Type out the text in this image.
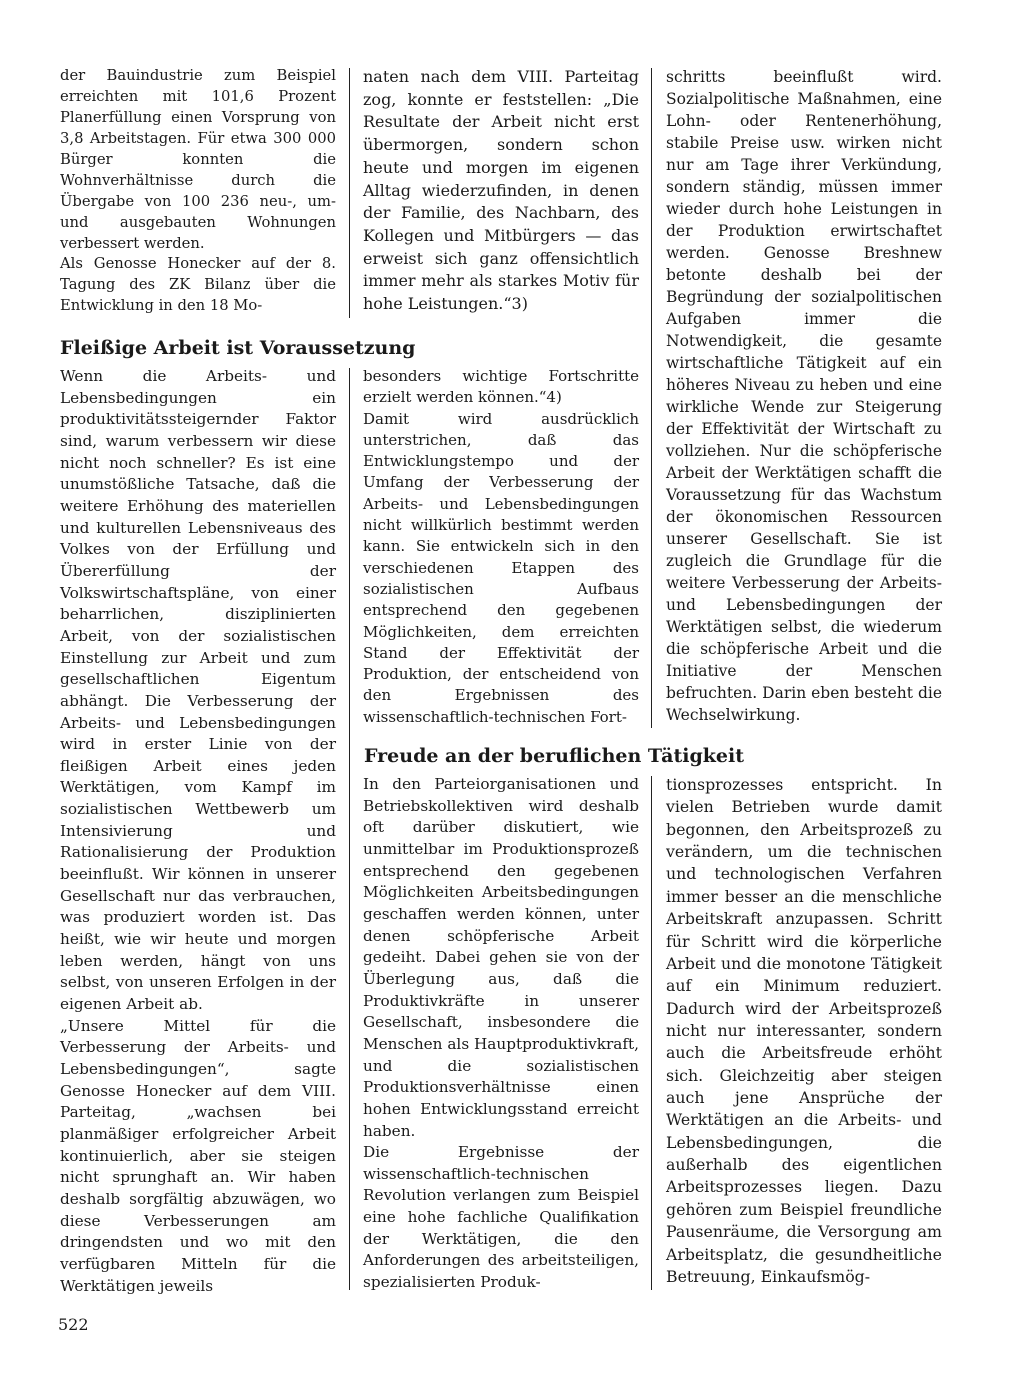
der Bauindustrie zum Beispiel erreichten mit 101,6 Prozent Planerfüllung einen Vorsprung von 3,8 Arbeitstagen. Für etwa 300 000 Bürger konnten die Wohnverhältnisse durch die Übergabe von 100 236 neu-, um- und ausgebauten Wohnungen verbessert werden.

Als Genosse Honecker auf der 8. Tagung des ZK Bilanz über die Entwicklung in den 18 Mo-

naten nach dem VIII. Parteitag zog, konnte er feststellen: „Die Resultate der Arbeit nicht erst übermorgen, sondern schon heute und morgen im eigenen Alltag wiederzufinden, in denen der Familie, des Nachbarn, des Kollegen und Mitbürgers — das erweist sich ganz offensichtlich immer mehr als starkes Motiv für hohe Leistungen.“3)

schritts beeinflußt wird. Sozialpolitische Maßnahmen, eine Lohn- oder Rentenerhöhung, stabile Preise usw. wirken nicht nur am Tage ihrer Verkündung, sondern ständig, müssen immer wieder durch hohe Leistungen in der Produktion erwirtschaftet werden. Genosse Breshnew betonte deshalb bei der Begründung der sozialpolitischen Aufgaben immer die Notwendigkeit, die gesamte wirtschaftliche Tätigkeit auf ein höheres Niveau zu heben und eine wirkliche Wende zur Steigerung der Effektivität der Wirtschaft zu vollziehen. Nur die schöpferische Arbeit der Werktätigen schafft die Voraussetzung für das Wachstum der ökonomischen Ressourcen unserer Gesellschaft. Sie ist zugleich die Grundlage für die weitere Verbesserung der Arbeits- und Lebensbedingungen der Werktätigen selbst, die wiederum die schöpferische Arbeit und die Initiative der Menschen befruchten. Darin eben besteht die Wechselwirkung.

Fleißige Arbeit ist Voraussetzung

Wenn die Arbeits- und Lebensbedingungen ein produktivitätssteigernder Faktor sind, warum verbessern wir diese nicht noch schneller? Es ist eine unumstößliche Tatsache, daß die weitere Erhöhung des materiellen und kulturellen Lebensniveaus des Volkes von der Erfüllung und Übererfüllung der Volkswirtschaftspläne, von einer beharrlichen, disziplinierten Arbeit, von der sozialistischen Einstellung zur Arbeit und zum gesellschaftlichen Eigentum abhängt. Die Verbesserung der Arbeits- und Lebensbedingungen wird in erster Linie von der fleißigen Arbeit eines jeden Werktätigen, vom Kampf im sozialistischen Wettbewerb um Intensivierung und Rationalisierung der Produktion beeinflußt. Wir können in unserer Gesellschaft nur das verbrauchen, was produziert worden ist. Das heißt, wie wir heute und morgen leben werden, hängt von uns selbst, von unseren Erfolgen in der eigenen Arbeit ab.

„Unsere Mittel für die Verbesserung der Arbeits- und Lebensbedingungen“, sagte Genosse Honecker auf dem VIII. Parteitag, „wachsen bei planmäßiger erfolgreicher Arbeit kontinuierlich, aber sie steigen nicht sprunghaft an. Wir haben deshalb sorgfältig abzuwägen, wo diese Verbesserungen am dringendsten und wo mit den verfügbaren Mitteln für die Werktätigen jeweils

besonders wichtige Fortschritte erzielt werden können.“4)

Damit wird ausdrücklich unterstrichen, daß das Entwicklungstempo und der Umfang der Verbesserung der Arbeits- und Lebensbedingungen nicht willkürlich bestimmt werden kann. Sie entwickeln sich in den verschiedenen Etappen des sozialistischen Aufbaus entsprechend den gegebenen Möglichkeiten, dem erreichten Stand der Effektivität der Produktion, der entscheidend von den Ergebnissen des wissenschaftlich-technischen Fort-

Freude an der beruflichen Tätigkeit

In den Parteiorganisationen und Betriebskollektiven wird deshalb oft darüber diskutiert, wie unmittelbar im Produktionsprozeß entsprechend den gegebenen Möglichkeiten Arbeitsbedingungen geschaffen werden können, unter denen schöpferische Arbeit gedeiht. Dabei gehen sie von der Überlegung aus, daß die Produktivkräfte in unserer Gesellschaft, insbesondere die Menschen als Hauptproduktivkraft, und die sozialistischen Produktionsverhältnisse einen hohen Entwicklungsstand erreicht haben.

Die Ergebnisse der wissenschaftlich-technischen Revolution verlangen zum Beispiel eine hohe fachliche Qualifikation der Werktätigen, die den Anforderungen des arbeitsteiligen, spezialisierten Produk-

tionsprozesses entspricht. In vielen Betrieben wurde damit begonnen, den Arbeitsprozeß zu verändern, um die technischen und technologischen Verfahren immer besser an die menschliche Arbeitskraft anzupassen. Schritt für Schritt wird die körperliche Arbeit und die monotone Tätigkeit auf ein Minimum reduziert. Dadurch wird der Arbeitsprozeß nicht nur interessanter, sondern auch die Arbeitsfreude erhöht sich. Gleichzeitig aber steigen auch jene Ansprüche der Werktätigen an die Arbeits- und Lebensbedingungen, die außerhalb des eigentlichen Arbeitsprozesses liegen. Dazu gehören zum Beispiel freundliche Pausenräume, die Versorgung am Arbeitsplatz, die gesundheitliche Betreuung, Einkaufsmög-

522
